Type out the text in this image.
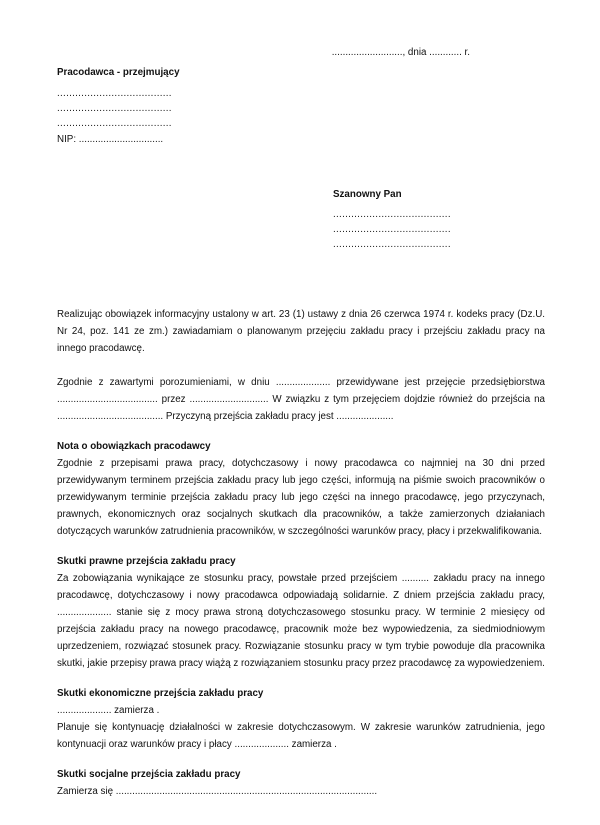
.........................., dnia ............ r.
Pracodawca - przejmujący
......................................
......................................
......................................
NIP: ...............................
Szanowny Pan
.......................................
.......................................
.......................................

Realizując obowiązek informacyjny ustalony w art. 23 (1) ustawy z dnia 26 czerwca 1974 r. kodeks pracy (Dz.U. Nr 24, poz. 141 ze zm.) zawiadamiam o planowanym przejęciu zakładu pracy i przejściu zakładu pracy na innego pracodawcę.

Zgodnie z zawartymi porozumieniami, w dniu .................... przewidywane jest przejęcie przedsiębiorstwa ..................................... przez ............................. W związku z tym przejęciem dojdzie również do przejścia na ....................................... Przyczyną przejścia zakładu pracy jest .....................

Nota o obowiązkach pracodawcy

Zgodnie z przepisami prawa pracy, dotychczasowy i nowy pracodawca co najmniej na 30 dni przed przewidywanym terminem przejścia zakładu pracy lub jego części, informują na piśmie swoich pracowników o przewidywanym terminie przejścia zakładu pracy lub jego części na innego pracodawcę, jego przyczynach, prawnych, ekonomicznych oraz socjalnych skutkach dla pracowników, a także zamierzonych działaniach dotyczących warunków zatrudnienia pracowników, w szczególności warunków pracy, płacy i przekwalifikowania.

Skutki prawne przejścia zakładu pracy

Za zobowiązania wynikające ze stosunku pracy, powstałe przed przejściem .......... zakładu pracy na innego pracodawcę, dotychczasowy i nowy pracodawca odpowiadają solidarnie. Z dniem przejścia zakładu pracy, .................... stanie się z mocy prawa stroną dotychczasowego stosunku pracy. W terminie 2 miesięcy od przejścia zakładu pracy na nowego pracodawcę, pracownik może bez wypowiedzenia, za siedmiodniowym uprzedzeniem, rozwiązać stosunek pracy. Rozwiązanie stosunku pracy w tym trybie powoduje dla pracownika skutki, jakie przepisy prawa pracy wiążą z rozwiązaniem stosunku pracy przez pracodawcę za wypowiedzeniem.

Skutki ekonomiczne przejścia zakładu pracy
.................... zamierza .

Planuje się kontynuację działalności w zakresie dotychczasowym. W zakresie warunków zatrudnienia, jego kontynuacji oraz warunków pracy i płacy .................... zamierza .

Skutki socjalne przejścia zakładu pracy

Zamierza się ................................................................................................
